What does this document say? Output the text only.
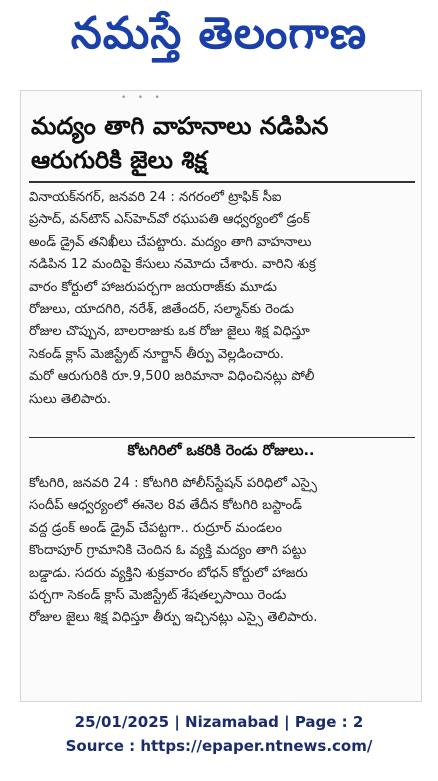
నమస్తే తెలంగాణ
•    •    •
మద్యం తాగి వాహనాలు నడిపిన
ఆరుగురికి జైలు శిక్ష
వినాయక్‌నగర్, జనవరి 24 : నగరంలో ట్రాఫిక్ సీఐ
ప్రసాద్, వన్‌టౌన్ ఎస్‌హెచ్‌వో రఘుపతి ఆధ్వర్యంలో డ్రంక్
అండ్ డ్రైవ్ తనిఖీలు చేపట్టారు. మద్యం తాగి వాహనాలు
నడిపిన 12 మందిపై కేసులు నమోదు చేశారు. వారిని శుక్ర
వారం కోర్టులో హాజరుపర్చగా జయరాజ్‌కు మూడు
రోజులు, యాదగిరి, నరేశ్, జితేందర్, సల్మాన్‌కు రెండు
రోజుల చొప్పున, బాలరాజుకు ఒక రోజు జైలు శిక్ష విధిస్తూ
సెకండ్ క్లాస్ మెజిస్ట్రేట్ నూర్జాన్ తీర్పు వెల్లడించారు.
మరో ఆరుగురికి రూ.9,500 జరిమానా విధించినట్లు పోలీ
సులు తెలిపారు.
కోటగిరిలో ఒకరికి రెండు రోజులు..
కోటగిరి, జనవరి 24 : కోటగిరి పోలీస్‌స్టేషన్ పరిధిలో ఎస్సై
సందీప్ ఆధ్వర్యంలో ఈనెల 8వ తేదీన కోటగిరి బస్టాండ్
వద్ద డ్రంక్ అండ్ డ్రైవ్ చేపట్టగా.. రుద్రూర్ మండలం
కొందాపూర్ గ్రామానికి చెందిన ఓ వ్యక్తి మద్యం తాగి పట్టు
బడ్డాడు. సదరు వ్యక్తిని శుక్రవారం బోధన్ కోర్టులో హాజరు
పర్చగా సెకండ్ క్లాస్ మెజిస్ట్రేట్ శేషతల్పసాయి రెండు
రోజుల జైలు శిక్ష విధిస్తూ తీర్పు ఇచ్చినట్లు ఎస్సై తెలిపారు.
25/01/2025 | Nizamabad | Page : 2
Source : https://epaper.ntnews.com/
